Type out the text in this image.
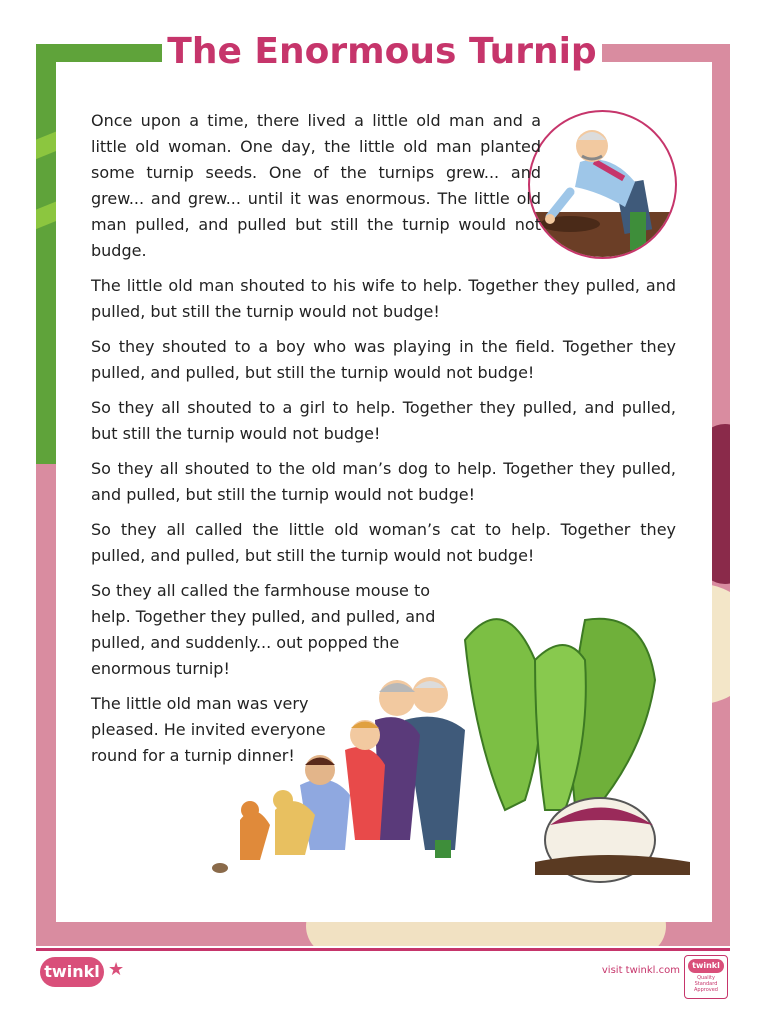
The Enormous Turnip

Once upon a time, there lived a little old man and a little old woman. One day, the little old man planted some turnip seeds. One of the turnips grew... and grew... and grew... until it was enormous. The little old man pulled, and pulled but still the turnip would not budge.

The little old man shouted to his wife to help. Together they pulled, and pulled, but still the turnip would not budge!

So they shouted to a boy who was playing in the field. Together they pulled, and pulled, but still the turnip would not budge!

So they all shouted to a girl to help. Together they pulled, and pulled, but still the turnip would not budge!

So they all shouted to the old man’s dog to help. Together they pulled, and pulled, but still the turnip would not budge!

So they all called the little old woman’s cat to help. Together they pulled, and pulled, but still the turnip would not budge!

So they all called the farmhouse mouse to help. Together they pulled, and pulled, and pulled, and suddenly... out popped the enormous turnip!

The little old man was very pleased. He invited everyone round for a turnip dinner!

twinkl ★	visit twinkl.com	twinkl
Quality Standard Approved
